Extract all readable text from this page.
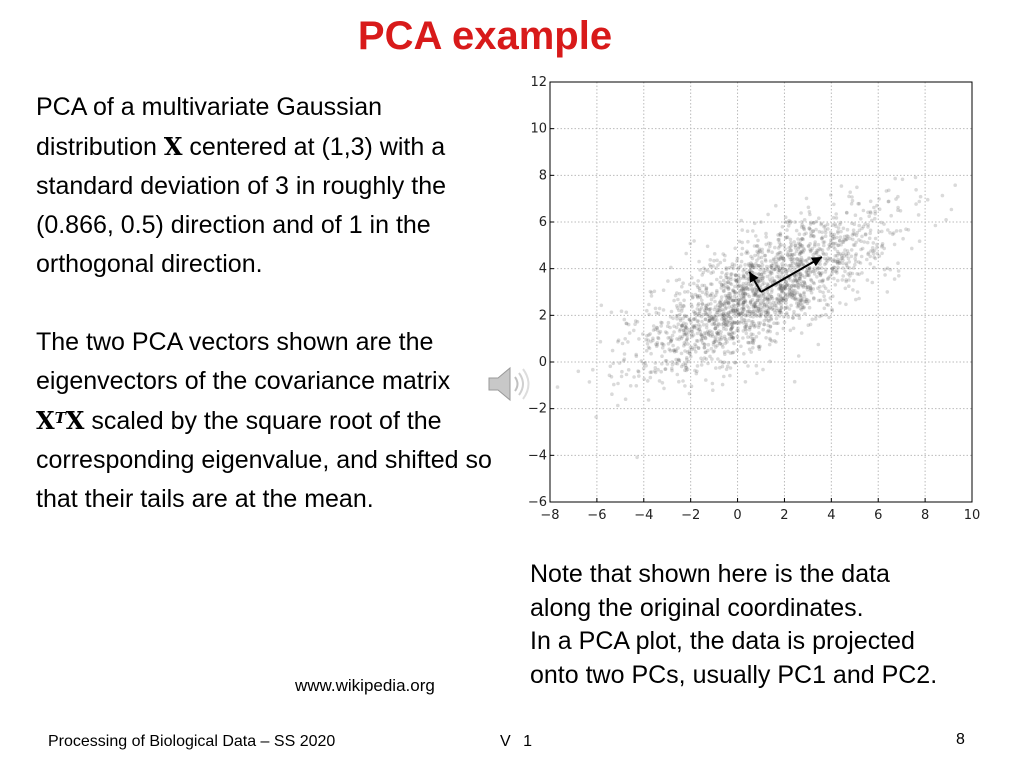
PCA example

PCA of a multivariate Gaussian distribution X centered at (1,3) with a standard deviation of 3 in roughly the (0.866, 0.5) direction and of 1 in the orthogonal direction.

The two PCA vectors shown are the eigenvectors of the covariance matrix $X^TX$ scaled by the square root of the corresponding eigenvalue, and shifted so that their tails are at the mean.

−8 −6 −4 −2	0	2	4	6	8	10
−6
−4
−2
0
2
4
6
8
10
12

Note that shown here is the data

along the original coordinates.

In a PCA plot, the data is projected

onto two PCs, usually PC1 and PC2.

www.wikipedia.org
Processing of Biological Data – SS 2020	V 1	8
